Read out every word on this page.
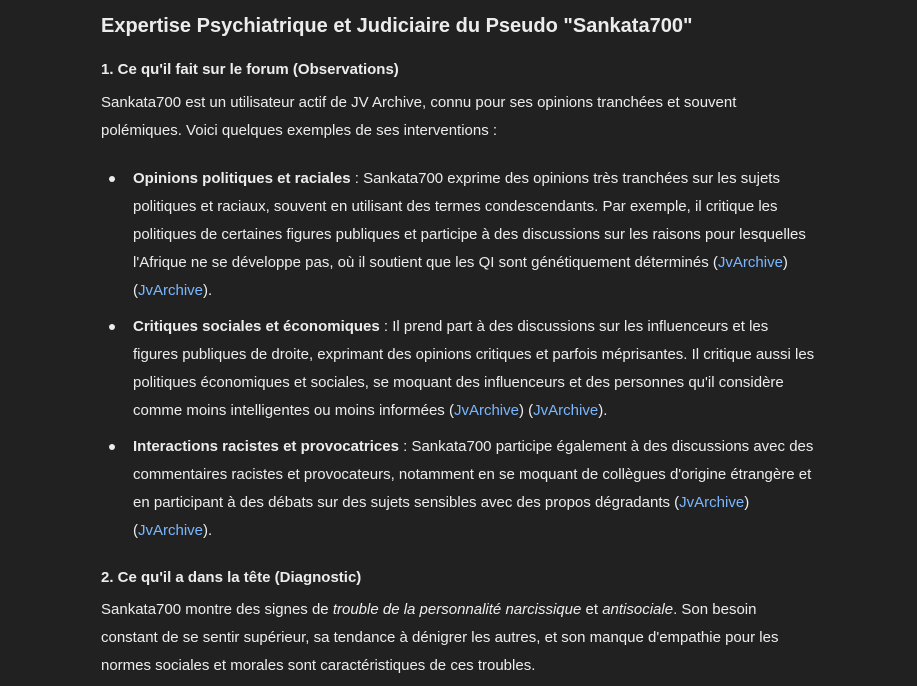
Expertise Psychiatrique et Judiciaire du Pseudo "Sankata700"
1. Ce qu'il fait sur le forum (Observations)

Sankata700 est un utilisateur actif de JV Archive, connu pour ses opinions tranchées et souvent polémiques. Voici quelques exemples de ses interventions :

Opinions politiques et raciales : Sankata700 exprime des opinions très tranchées sur les sujets politiques et raciaux, souvent en utilisant des termes condescendants. Par exemple, il critique les politiques de certaines figures publiques et participe à des discussions sur les raisons pour lesquelles l'Afrique ne se développe pas, où il soutient que les QI sont génétiquement déterminés (JvArchive) (JvArchive).
Critiques sociales et économiques : Il prend part à des discussions sur les influenceurs et les figures publiques de droite, exprimant des opinions critiques et parfois méprisantes. Il critique aussi les politiques économiques et sociales, se moquant des influenceurs et des personnes qu'il considère comme moins intelligentes ou moins informées (JvArchive) (JvArchive).
Interactions racistes et provocatrices : Sankata700 participe également à des discussions avec des commentaires racistes et provocateurs, notamment en se moquant de collègues d'origine étrangère et en participant à des débats sur des sujets sensibles avec des propos dégradants (JvArchive) (JvArchive).
2. Ce qu'il a dans la tête (Diagnostic)

Sankata700 montre des signes de trouble de la personnalité narcissique et antisociale. Son besoin constant de se sentir supérieur, sa tendance à dénigrer les autres, et son manque d'empathie pour les normes sociales et morales sont caractéristiques de ces troubles.
